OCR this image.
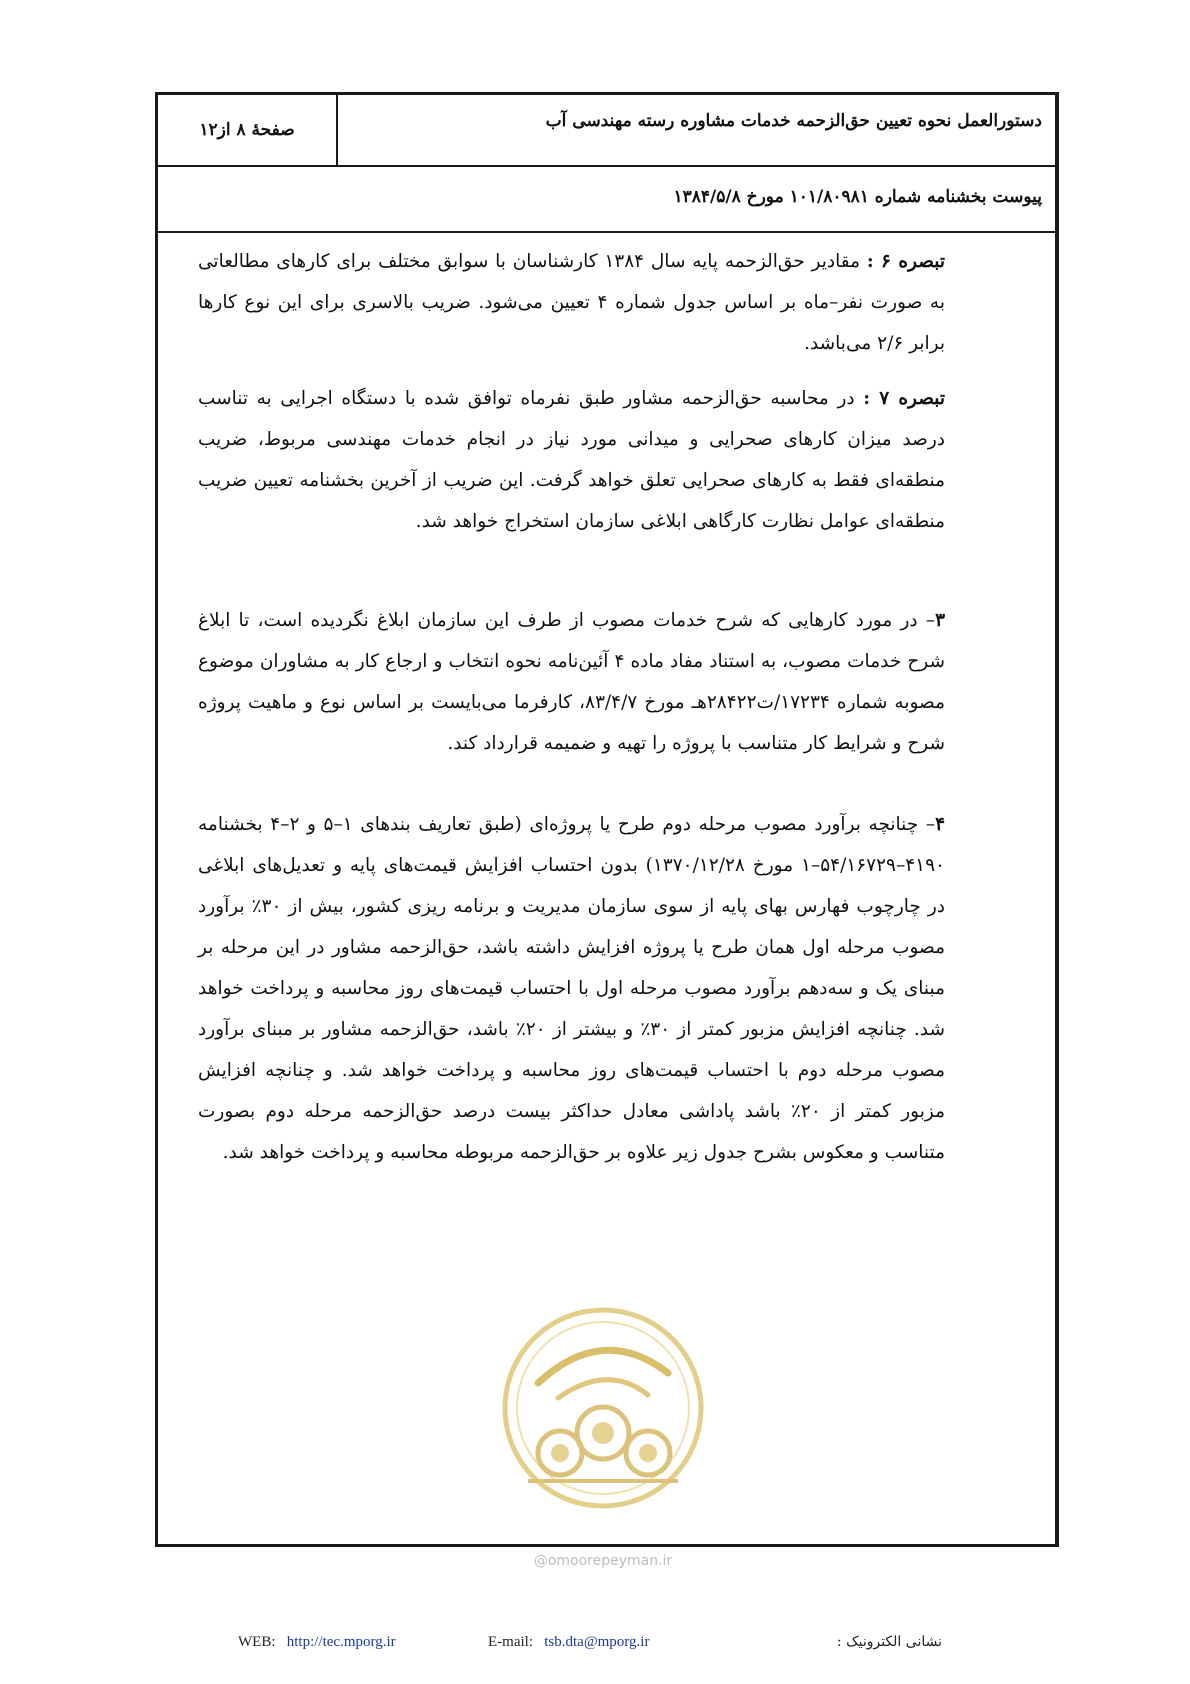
دستورالعمل نحوه تعیین حق‌الزحمه خدمات مشاوره رسته مهندسی آب
صفحهٔ ۸ از۱۲
پیوست بخشنامه شماره ۱۰۱/۸۰۹۸۱ مورخ ۱۳۸۴/۵/۸

تبصره ۶ : مقادیر حق‌الزحمه پایه سال ۱۳۸۴ کارشناسان با سوابق مختلف برای کارهای مطالعاتی به صورت نفر–ماه بر اساس جدول شماره ۴ تعیین می‌شود. ضریب بالاسری برای این نوع کارها برابر ۲/۶ می‌باشد.

تبصره ۷ : در محاسبه حق‌الزحمه مشاور طبق نفرماه توافق شده با دستگاه اجرایی به تناسب درصد میزان کارهای صحرایی و میدانی مورد نیاز در انجام خدمات مهندسی مربوط، ضریب منطقه‌ای فقط به کارهای صحرایی تعلق خواهد گرفت. این ضریب از آخرین بخشنامه تعیین ضریب منطقه‌ای عوامل نظارت کارگاهی ابلاغی سازمان استخراج خواهد شد.

۳– در مورد کارهایی که شرح خدمات مصوب از طرف این سازمان ابلاغ نگردیده است، تا ابلاغ شرح خدمات مصوب، به استناد مفاد ماده ۴ آئین‌نامه نحوه انتخاب و ارجاع کار به مشاوران موضوع مصوبه شماره ۱۷۲۳۴/ت۲۸۴۲۲هـ مورخ ۸۳/۴/۷، کارفرما می‌بایست بر اساس نوع و ماهیت پروژه شرح و شرایط کار متناسب با پروژه را تهیه و ضمیمه قرارداد کند.

۴– چنانچه برآورد مصوب مرحله دوم طرح یا پروژه‌ای (طبق تعاریف بندهای ۱–۵ و ۲–۴ بخشنامه ۴۱۹۰–۵۴/۱۶۷۲۹–۱ مورخ ۱۳۷۰/۱۲/۲۸) بدون احتساب افزایش قیمت‌های پایه و تعدیل‌های ابلاغی در چارچوب فهارس بهای پایه از سوی سازمان مدیریت و برنامه ریزی کشور، بیش از ۳۰٪ برآورد مصوب مرحله اول همان طرح یا پروژه افزایش داشته باشد، حق‌الزحمه مشاور در این مرحله بر مبنای یک و سه‌دهم برآورد مصوب مرحله اول با احتساب قیمت‌های روز محاسبه و پرداخت خواهد شد. چنانچه افزایش مزبور کمتر از ۳۰٪ و بیشتر از ۲۰٪ باشد، حق‌الزحمه مشاور بر مبنای برآورد مصوب مرحله دوم با احتساب قیمت‌های روز محاسبه و پرداخت خواهد شد. و چنانچه افزایش مزبور کمتر از ۲۰٪ باشد پاداشی معادل حداکثر بیست درصد حق‌الزحمه مرحله دوم بصورت متناسب و معکوس بشرح جدول زیر علاوه بر حق‌الزحمه مربوطه محاسبه و پرداخت خواهد شد.

@omoorepeyman.ir
WEB: http://tec.mporg.ir	E-mail: tsb.dta@mporg.ir	نشانی الکترونیک :
